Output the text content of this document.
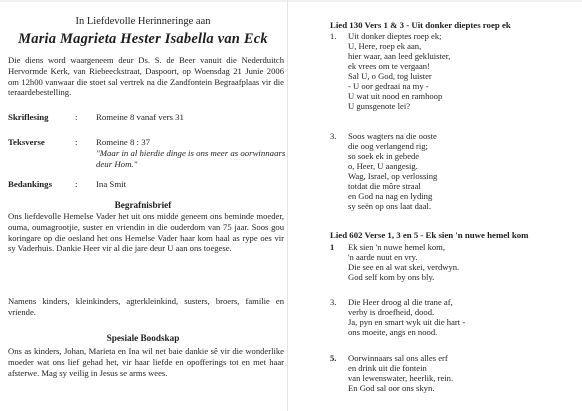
In Liefdevolle Herinneringe aan
Maria Magrieta Hester Isabella van Eck
Die diens word waargeneem deur Ds. S. de Beer vanuit die Nederduitch Hervormde Kerk, van Riebeeckstraat, Daspoort, op Woensdag 21 Junie 2006 om 12h00 vanwaar die stoet sal vertrek na die Zandfontein Begraafplaas vir die teraardebestelling.
Skriflesing	: Romeine 8 vanaf vers 31
Teksverse	: Romeine 8 : 37
"Maar in al hierdie dinge is ons meer as oorwinnaars deur Hom."
Bedankings	: Ina Smit
Begrafnisbrief
Ons liefdevolle Hemelse Vader het uit ons midde geneem ons beminde moeder, ouma, oumagrootjie, suster en vriendin in die ouderdom van 75 jaar. Soos gou koringare op die oesland het ons Hemelse Vader haar kom haal as rype oes vir sy Vaderhuis. Dankie Heer vir al die jare deur U aan ons toegese.
Namens kinders, kleinkinders, agterkleinkind, susters, broers, familie en vriende.
Spesiale Boodskap
Ons as kinders, Johan, Marieta en Ina wil net baie dankie sê vir die wonderlike moeder wat ons lief gehad het, vir haar liefde en opofferings tot en met haar afsterwe. Mag sy veilig in Jesus se arms wees.
Lied 130 Vers 1 & 3 - Uit donker dieptes roep ek
1. Uit donker dieptes roep ek;
U, Here, roep ek aan,
hier waar, aan leed gekluister,
ek vrees om te vergaan!
Sal U, o God, tog luister
- U oor gedraai na my -
U wat uit nood en ramhoop
U gunsgenote lei?
3. Soos wagters na die ooste
die oog verlangend rig;
so soek ek in gebede
o, Heer, U aangesig.
Wag, Israel, op verlossing
totdat die môre straal
en God na nag en lyding
sy seën op ons laat daal.
Lied 602 Verse 1, 3 en 5 - Ek sien 'n nuwe hemel kom
1 Ek sien 'n nuwe hemel kom,
'n aarde nuut en vry.
Die see en al wat skei, verdwyn.
God self kom by ons bly.
3. Die Heer droog al die trane af,
verby is droefheid, dood.
Ja, pyn en smart wyk uit die hart -
ons moeite, angs en nood.
5. Oorwinnaars sal ons alles erf
en drink uit die fontein
van lewenswater, heerlik, rein.
En God sal oor ons skyn.
